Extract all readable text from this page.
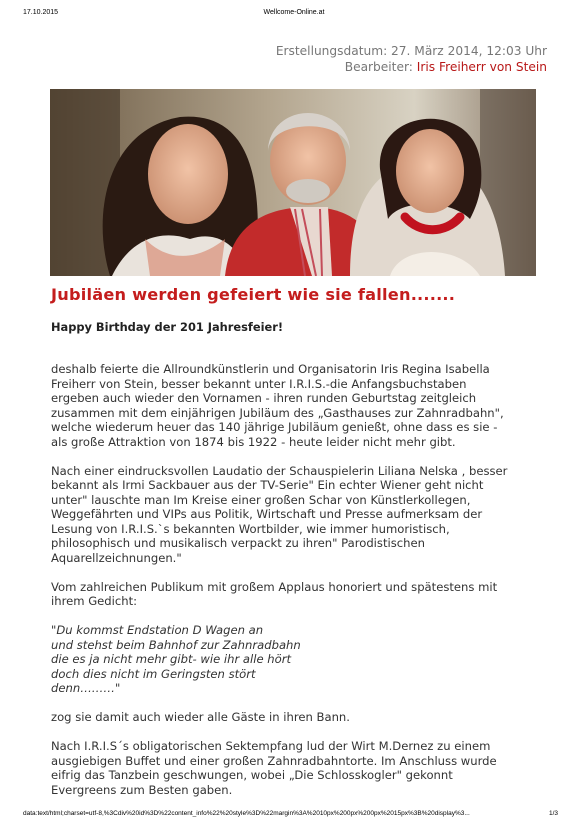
17.10.2015	Wellcome-Online.at
Erstellungsdatum: 27. März 2014, 12:03 Uhr
Bearbeiter: Iris Freiherr von Stein
Jubiläen werden gefeiert wie sie fallen.......
Happy Birthday der 201 Jahresfeier!

deshalb feierte die Allroundkünstlerin und Organisatorin Iris Regina Isabella
Freiherr von Stein, besser bekannt unter I.R.I.S.-die Anfangsbuchstaben
ergeben auch wieder den Vornamen - ihren runden Geburtstag zeitgleich
zusammen mit dem einjährigen Jubiläum des „Gasthauses zur Zahnradbahn",
welche wiederum heuer das 140 jährige Jubiläum genießt, ohne dass es sie -
als große Attraktion von 1874 bis 1922 - heute leider nicht mehr gibt.

Nach einer eindrucksvollen Laudatio der Schauspielerin Liliana Nelska , besser
bekannt als Irmi Sackbauer aus der TV-Serie" Ein echter Wiener geht nicht
unter" lauschte man Im Kreise einer großen Schar von Künstlerkollegen,
Weggefährten und VIPs aus Politik, Wirtschaft und Presse aufmerksam der
Lesung von I.R.I.S.`s bekannten Wortbilder, wie immer humoristisch,
philosophisch und musikalisch verpackt zu ihren" Parodistischen
Aquarellzeichnungen."

Vom zahlreichen Publikum mit großem Applaus honoriert und spätestens mit
ihrem Gedicht:

"Du kommst Endstation D Wagen an
und stehst beim Bahnhof zur Zahnradbahn
die es ja nicht mehr gibt- wie ihr alle hört
doch dies nicht im Geringsten stört
denn………"

zog sie damit auch wieder alle Gäste in ihren Bann.

Nach I.R.I.S´s obligatorischen Sektempfang lud der Wirt M.Dernez zu einem
ausgiebigen Buffet und einer großen Zahnradbahntorte. Im Anschluss wurde
eifrig das Tanzbein geschwungen, wobei „Die Schlosskogler" gekonnt
Evergreens zum Besten gaben.

data:text/html;charset=utf-8,%3Cdiv%20id%3D%22content_info%22%20style%3D%22margin%3A%2010px%200px%200px%2015px%3B%20display%3...	1/3
